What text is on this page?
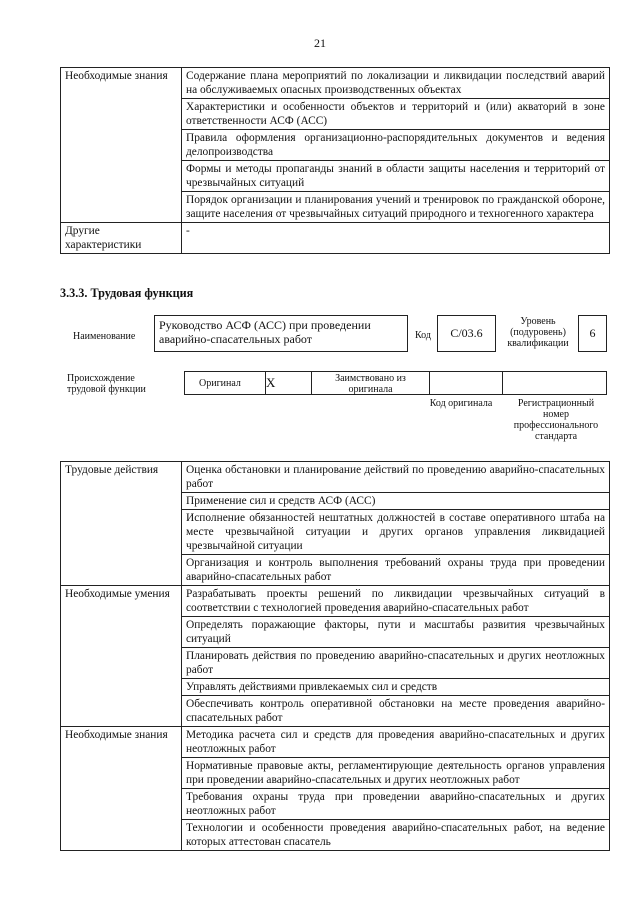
21
Необходимые знания	Содержание плана мероприятий по локализации и ликвидации последствий аварий на обслуживаемых опасных производственных объектах
	Характеристики и особенности объектов и территорий и (или) акваторий в зоне ответственности АСФ (АСС)
	Правила оформления организационно-распорядительных документов и ведения делопроизводства
	Формы и методы пропаганды знаний в области защиты населения и территорий от чрезвычайных ситуаций
	Порядок организации и планирования учений и тренировок по гражданской обороне, защите населения от чрезвычайных ситуаций природного и техногенного характера

Другие характеристики	-
3.3.3. Трудовая функция
Наименование
Руководство АСФ (АСС) при проведении аварийно-спасательных работ	Код	С/03.6
Уровень (подуровень) квалификации
6
Происхождение трудовой функции
Оригинал	X	Заимствовано из оригинала
Код оригинала	Регистрационный номер профессионального стандарта
Трудовые действия	Оценка обстановки и планирование действий по проведению аварийно-спасательных работ
	Применение сил и средств АСФ (АСС)
	Исполнение обязанностей нештатных должностей в составе оперативного штаба на месте чрезвычайной ситуации и других органов управления ликвидацией чрезвычайной ситуации
	Организация и контроль выполнения требований охраны труда при проведении аварийно-спасательных работ

Необходимые умения	Разрабатывать проекты решений по ликвидации чрезвычайных ситуаций в соответствии с технологией проведения аварийно-спасательных работ
	Определять поражающие факторы, пути и масштабы развития чрезвычайных ситуаций
	Планировать действия по проведению аварийно-спасательных и других неотложных работ
	Управлять действиями привлекаемых сил и средств
	Обеспечивать контроль оперативной обстановки на месте проведения аварийно-спасательных работ

Необходимые знания	Методика расчета сил и средств для проведения аварийно-спасательных и других неотложных работ
	Нормативные правовые акты, регламентирующие деятельность органов управления при проведении аварийно-спасательных и других неотложных работ
	Требования охраны труда при проведении аварийно-спасательных и других неотложных работ
	Технологии и особенности проведения аварийно-спасательных работ, на ведение которых аттестован спасатель
